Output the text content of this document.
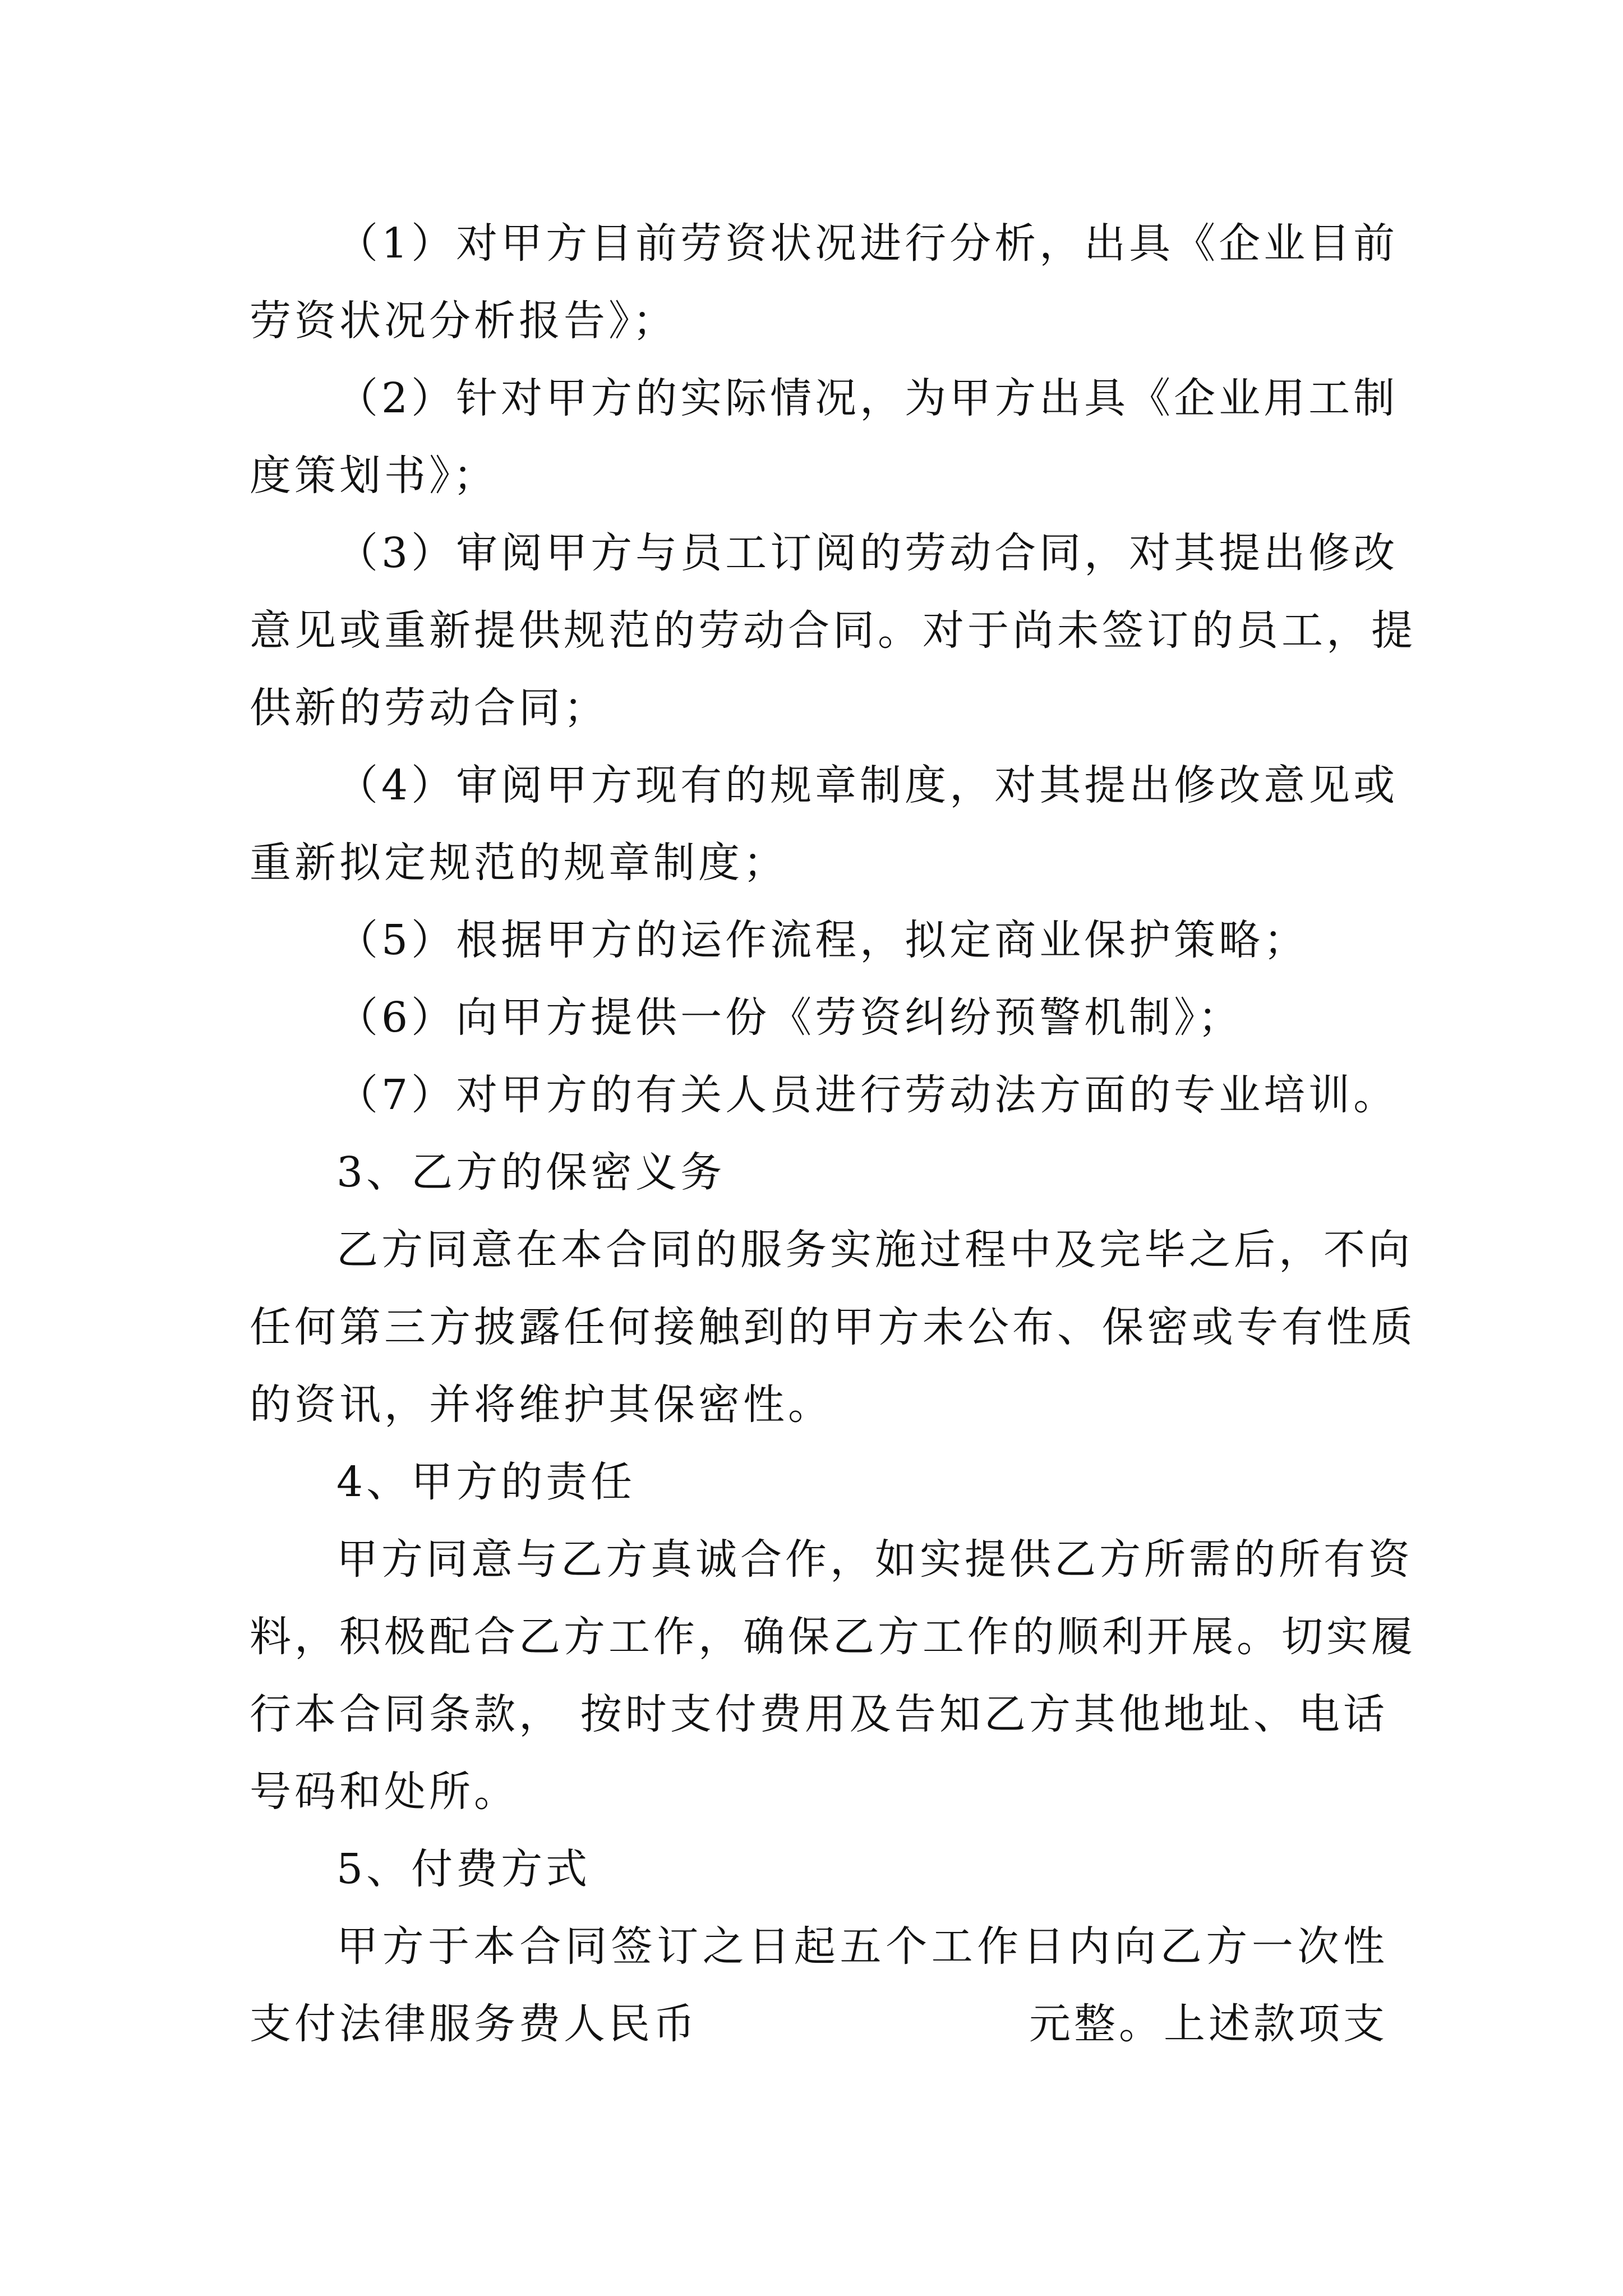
（1）对甲方目前劳资状况进行分析，出具《企业目前
劳资状况分析报告》；
（2）针对甲方的实际情况，为甲方出具《企业用工制
度策划书》；
（3）审阅甲方与员工订阅的劳动合同，对其提出修改
意见或重新提供规范的劳动合同。对于尚未签订的员工，提
供新的劳动合同；
（4）审阅甲方现有的规章制度，对其提出修改意见或
重新拟定规范的规章制度；
（5）根据甲方的运作流程，拟定商业保护策略；
（6）向甲方提供一份《劳资纠纷预警机制》；
（7）对甲方的有关人员进行劳动法方面的专业培训。
3、乙方的保密义务
乙方同意在本合同的服务实施过程中及完毕之后，不向
任何第三方披露任何接触到的甲方未公布、保密或专有性质
的资讯，并将维护其保密性。
4、甲方的责任
甲方同意与乙方真诚合作，如实提供乙方所需的所有资
料，积极配合乙方工作，确保乙方工作的顺利开展。切实履
行本合同条款， 按时支付费用及告知乙方其他地址、电话
号码和处所。
5、付费方式
甲方于本合同签订之日起五个工作日内向乙方一次性
支付法律服务费人民币	元整。上述款项支
